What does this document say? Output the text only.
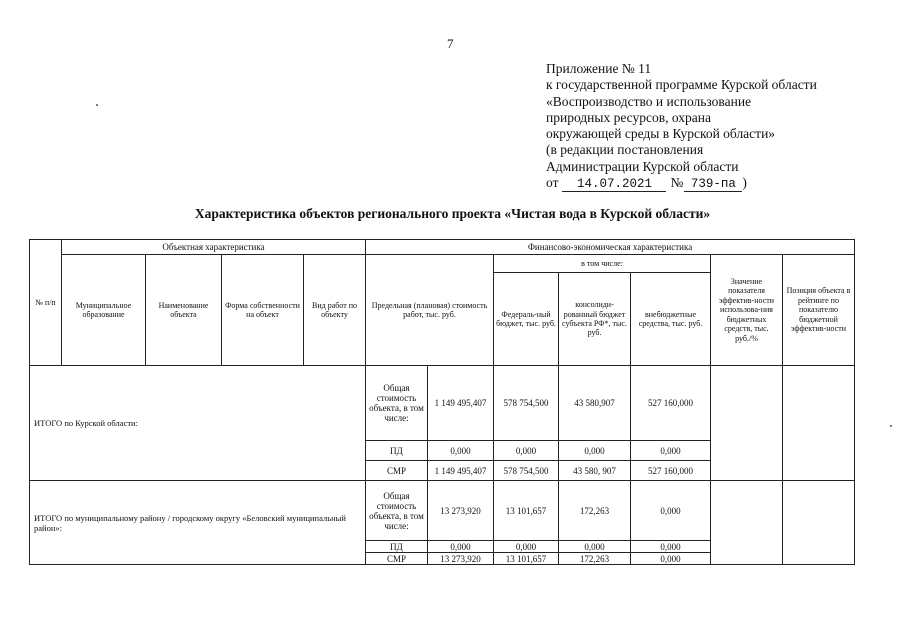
7
Приложение № 11
к государственной программе Курской области
«Воспроизводство и использование
природных ресурсов, охрана
окружающей среды в Курской области»
(в редакции постановления
Администрации Курской области
от 14.07.2021 № 739-па )
Характеристика объектов регионального проекта «Чистая вода в Курской области»
№ п/п	Объектная характеристика				Финансово-экономическая характеристика						
	Муниципальное образование	Наименование объекта	Форма собственности на объект	Вид работ по объекту	Предельная (плановая) стоимость работ, тыс. руб.		в том числе:			Значение показателя эффектив-ности использова-ния бюджетных средств, тыс. руб./%	Позиция объекта в рейтинге по показателю бюджетной эффектив-ности
							Федераль-ный бюджет, тыс. руб.	консолиди-рованный бюджет субъекта РФ*, тыс. руб.	внебюджетные средства, тыс. руб.		
ИТОГО по Курской области:					Общая стоимость объекта, в том числе:	1 149 495,407	578 754,500	43 580,907	527 160,000		
					ПД	0,000	0,000	0,000	0,000		
					СМР	1 149 495,407	578 754,500	43 580, 907	527 160,000		
ИТОГО по муниципальному району / городскому округу «Беловский муниципальный район»:					Общая стоимость объекта, в том числе:	13 273,920	13 101,657	172,263	0,000		
					ПД	0,000	0,000	0,000	0,000		
					СМР	13 273,920	13 101,657	172,263	0,000		
